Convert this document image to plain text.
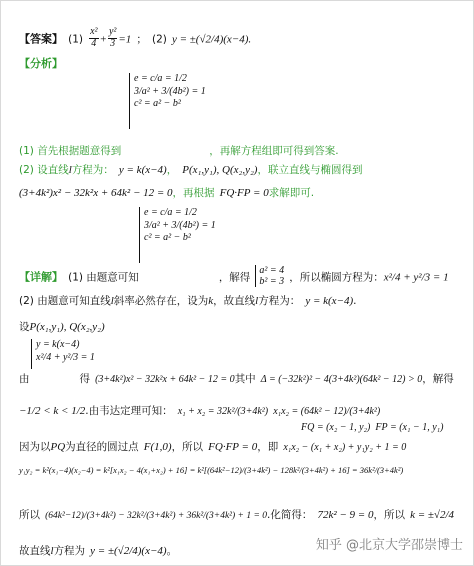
【答案】 $(1) \frac{\text{x²}}{4} + \frac{\text{y²}}{3} =1$ ； (2) y = ±(√2/4)(x−4).
【分析】
e = c/a = 1/2
3/a² + 3/(4b²) = 1
c² = a² − b²
(1) 首先根据题意得到	，再解方程组即可得到答案.
(2) 设直线l方程为： y = k(x−4)， P(x₁,y₁), Q(x₂,y₂)，联立直线与椭圆得到
(3+4k²)x² − 32k²x + 64k² − 12 = 0，再根据 FQ·FP = 0求解即可.
e = c/a = 1/2
3/a² + 3/(4b²) = 1
c² = a² − b²
【详解】 (1) 由题意可知	，解得
a² = 4
b² = 3 ，所以椭圆方程为：x²/4 + y²/3 = 1
(2) 由题意可知直线l斜率必然存在，设为k，故直线l方程为： y = k(x−4).
设P(x₁,y₁), Q(x₂,y₂)
y = k(x−4)
x²/4 + y²/3 = 1
由	得 (3+4k²)x² − 32k²x + 64k² − 12 = 0其中 Δ = (−32k²)² − 4(3+4k²)(64k² − 12) > 0，解得
−1/2 < k < 1/2.由韦达定理可知： x₁ + x₂ = 32k²/(3+4k²) x₁x₂ = (64k² − 12)/(3+4k²)
FQ = (x₂ − 1, y₂) FP = (x₁ − 1, y₁)
因为以PQ为直径的圆过点 F(1,0)，所以 FQ·FP = 0，即 x₁x₂ − (x₁ + x₂) + y₁y₂ + 1 = 0
y₁y₂ = k²(x₁−4)(x₂−4) = k²[x₁x₂ − 4(x₁+x₂) + 16] = k²[(64k²−12)/(3+4k²) − 128k²/(3+4k²) + 16] = 36k²/(3+4k²)
所以 (64k²−12)/(3+4k²) − 32k²/(3+4k²) + 36k²/(3+4k²) + 1 = 0.化简得： 72k² − 9 = 0，所以 k = ±√2/4
故直线l方程为 y = ±(√2/4)(x−4)。	知乎 @北京大学邵崇博士
